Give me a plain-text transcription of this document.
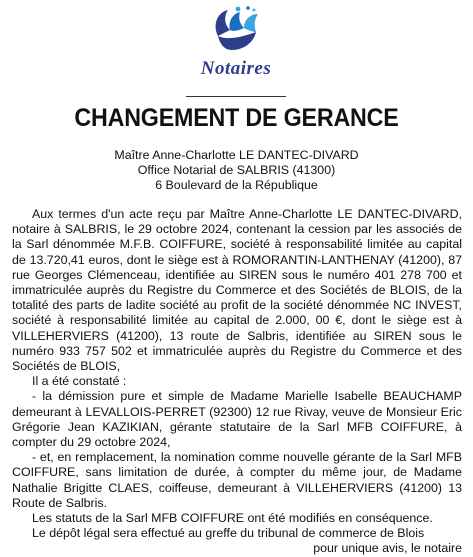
Notaires
CHANGEMENT DE GERANCE
Maître Anne-Charlotte LE DANTEC-DIVARD
Office Notarial de SALBRIS (41300)
6 Boulevard de la République

Aux termes d'un acte reçu par Maître Anne-Charlotte LE DANTEC-DIVARD, notaire à SALBRIS, le 29 octobre 2024, contenant la cession par les associés de la Sarl dénommée M.F.B. COIFFURE, société à responsabilité limitée au capital de 13.720,41 euros, dont le siège est à ROMORANTIN-LANTHENAY (41200), 87 rue Georges Clémenceau, identifiée au SIREN sous le numéro 401 278 700 et immatriculée auprès du Registre du Commerce et des Sociétés de BLOIS, de la totalité des parts de ladite société au profit de la société dénommée NC INVEST, société à responsabilité limitée au capital de 2.000, 00 €, dont le siège est à VILLEHERVIERS (41200), 13 route de Salbris, identifiée au SIREN sous le numéro 933 757 502 et immatriculée auprès du Registre du Commerce et des Sociétés de BLOIS,

Il a été constaté :

- la démission pure et simple de Madame Marielle Isabelle BEAUCHAMP demeurant à LEVALLOIS-PERRET (92300) 12 rue Rivay, veuve de Monsieur Eric Grégorie Jean KAZIKIAN, gérante statutaire de la Sarl MFB COIFFURE, à compter du 29 octobre 2024,

- et, en remplacement, la nomination comme nouvelle gérante de la Sarl MFB COIFFURE, sans limitation de durée, à compter du même jour, de Madame Nathalie Brigitte CLAES, coiffeuse, demeurant à VILLEHERVIERS (41200) 13 Route de Salbris.

Les statuts de la Sarl MFB COIFFURE ont été modifiés en conséquence.

Le dépôt légal sera effectué au greffe du tribunal de commerce de Blois

pour unique avis, le notaire
